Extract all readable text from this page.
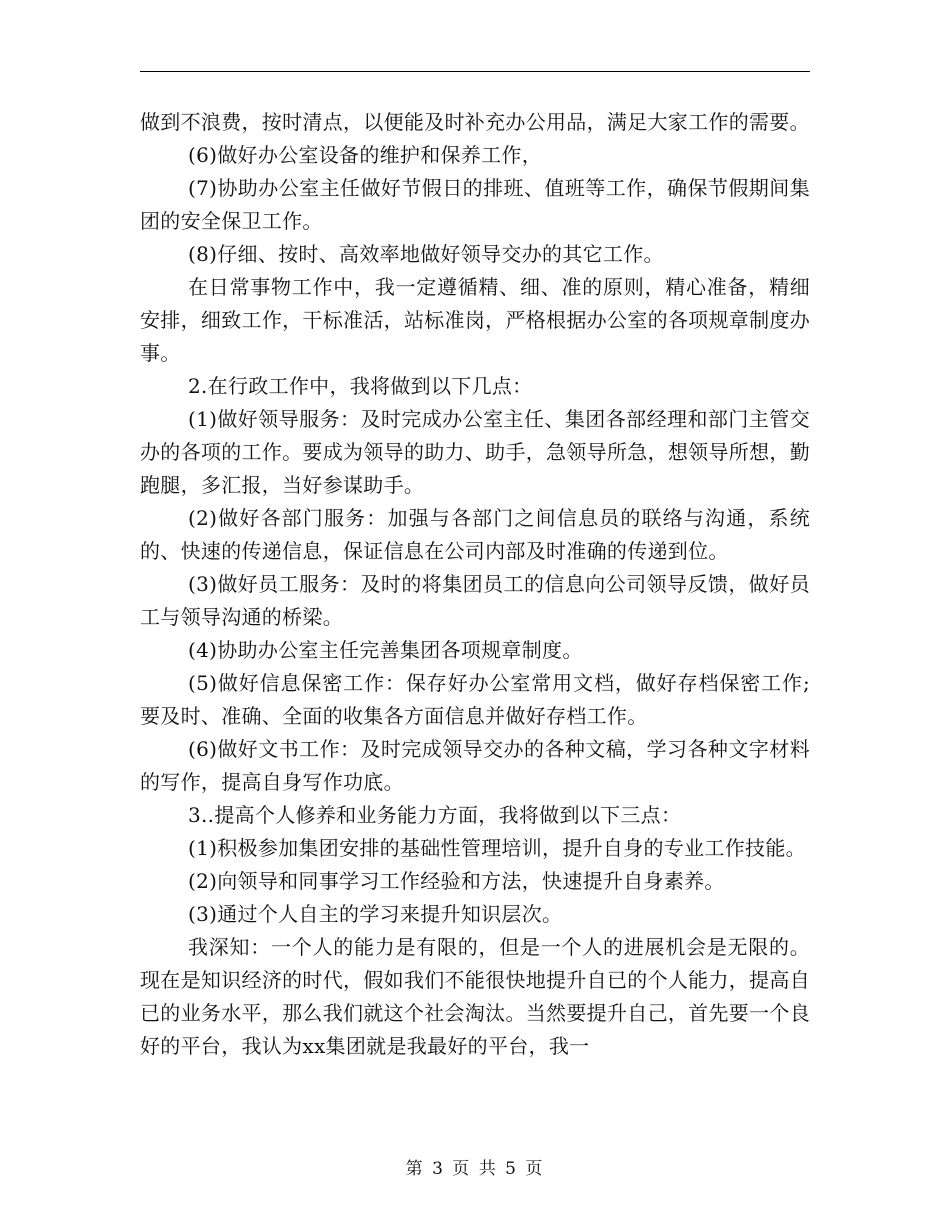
做到不浪费，按时清点，以便能及时补充办公用品，满足大家工作的需要。

(6)做好办公室设备的维护和保养工作，

(7)协助办公室主任做好节假日的排班、值班等工作，确保节假期间集团的安全保卫工作。

(8)仔细、按时、高效率地做好领导交办的其它工作。

在日常事物工作中，我一定遵循精、细、准的原则，精心准备，精细安排，细致工作，干标准活，站标准岗，严格根据办公室的各项规章制度办事。

2.在行政工作中，我将做到以下几点：

(1)做好领导服务：及时完成办公室主任、集团各部经理和部门主管交办的各项的工作。要成为领导的助力、助手，急领导所急，想领导所想，勤跑腿，多汇报，当好参谋助手。

(2)做好各部门服务：加强与各部门之间信息员的联络与沟通，系统的、快速的传递信息，保证信息在公司内部及时准确的传递到位。

(3)做好员工服务：及时的将集团员工的信息向公司领导反馈，做好员工与领导沟通的桥梁。

(4)协助办公室主任完善集团各项规章制度。

(5)做好信息保密工作：保存好办公室常用文档，做好存档保密工作;要及时、准确、全面的收集各方面信息并做好存档工作。

(6)做好文书工作：及时完成领导交办的各种文稿，学习各种文字材料的写作，提高自身写作功底。

3..提高个人修养和业务能力方面，我将做到以下三点：

(1)积极参加集团安排的基础性管理培训，提升自身的专业工作技能。

(2)向领导和同事学习工作经验和方法，快速提升自身素养。

(3)通过个人自主的学习来提升知识层次。

我深知：一个人的能力是有限的，但是一个人的进展机会是无限的。现在是知识经济的时代，假如我们不能很快地提升自已的个人能力，提高自已的业务水平，那么我们就这个社会淘汰。当然要提升自己，首先要一个良好的平台，我认为xx集团就是我最好的平台，我一

第 3 页 共 5 页
